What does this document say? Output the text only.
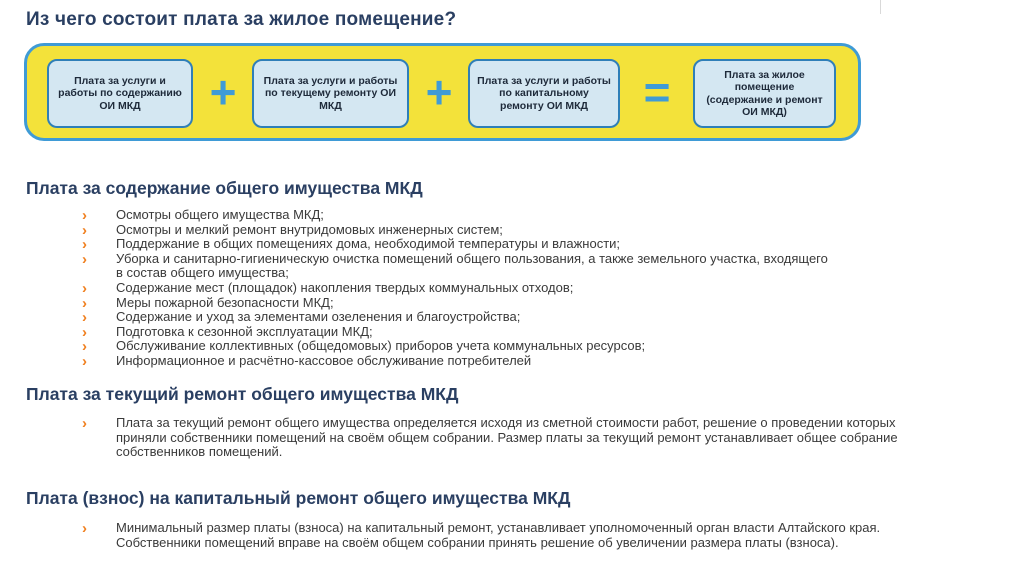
Из чего состоит плата за жилое помещение?
Плата за услуги и работы по содержанию ОИ МКД	+	Плата за услуги и работы по текущему ремонту ОИ МКД	+	Плата за услуги и работы по капитальному ремонту ОИ МКД	=	Плата за жилое помещение (содержание и ремонт ОИ МКД)
Плата за содержание общего имущества МКД
› Осмотры общего имущества МКД;
› Осмотры и мелкий ремонт внутридомовых инженерных систем;
› Поддержание в общих помещениях дома, необходимой температуры и влажности;
› Уборка и санитарно-гигиеническую очистка помещений общего пользования, а также земельного участка, входящего в состав общего имущества;
› Содержание мест (площадок) накопления твердых коммунальных отходов;
› Меры пожарной безопасности МКД;
› Содержание и уход за элементами озеленения и благоустройства;
› Подготовка к сезонной эксплуатации МКД;
› Обслуживание коллективных (общедомовых) приборов учета коммунальных ресурсов;
› Информационное и расчётно-кассовое обслуживание потребителей
Плата за текущий ремонт общего имущества МКД
› Плата за текущий ремонт общего имущества определяется исходя из сметной стоимости работ, решение о проведении которых приняли собственники помещений на своём общем собрании. Размер платы за текущий ремонт устанавливает общее собрание собственников помещений.
Плата (взнос) на капитальный ремонт общего имущества МКД
› Минимальный размер платы (взноса) на капитальный ремонт, устанавливает уполномоченный орган власти Алтайского края. Собственники помещений вправе на своём общем собрании принять решение об увеличении размера платы (взноса).
